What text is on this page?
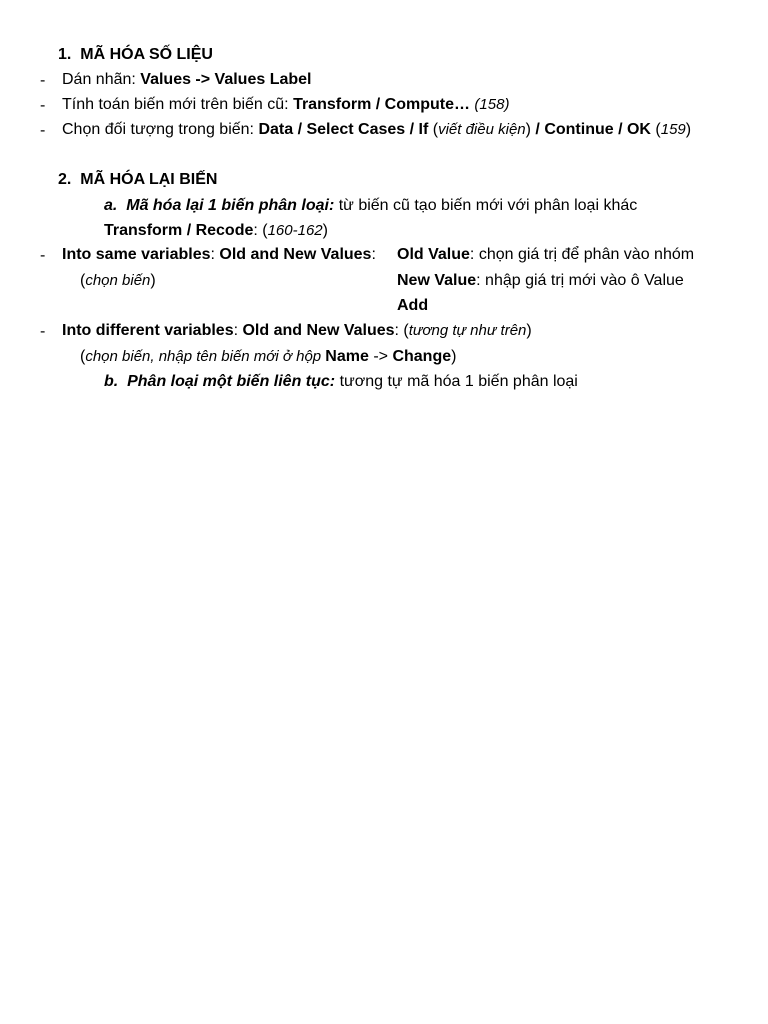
1. MÃ HÓA SỐ LIỆU
- Dán nhãn: Values -> Values Label
- Tính toán biến mới trên biến cũ: Transform / Compute… (158)
- Chọn đối tượng trong biến: Data / Select Cases / If (viết điều kiện) / Continue / OK (159)
2. MÃ HÓA LẠI BIẾN
a. Mã hóa lại 1 biến phân loại: từ biến cũ tạo biến mới với phân loại khác
Transform / Recode: (160-162)
- Into same variables: Old and New Values: Old Value: chọn giá trị để phân vào nhóm
(chọn biến)	New Value: nhập giá trị mới vào ô Value
Add
- Into different variables: Old and New Values: (tương tự như trên)
(chọn biến, nhập tên biến mới ở hộp Name -> Change)
b. Phân loại một biến liên tục: tương tự mã hóa 1 biến phân loại
